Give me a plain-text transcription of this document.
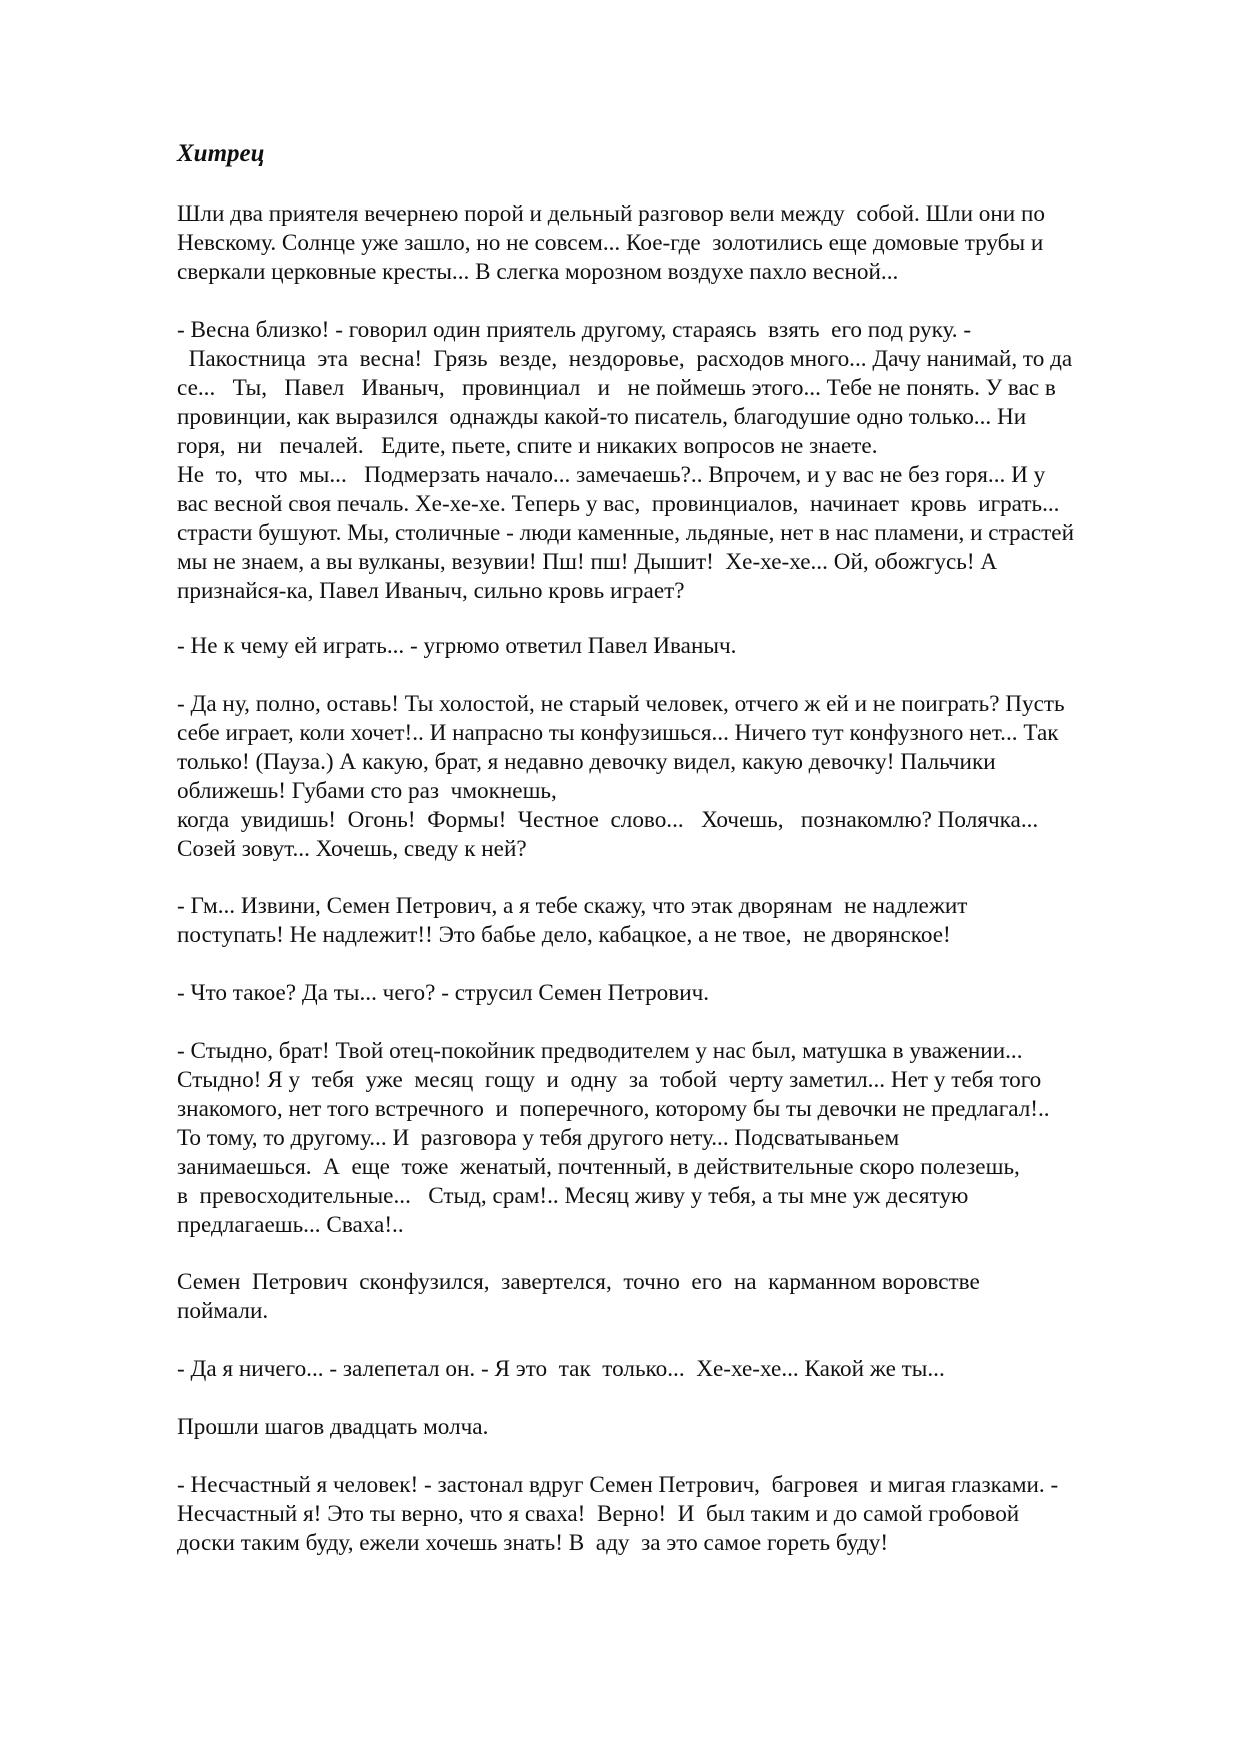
Хитрец
Шли два приятеля вечернею порой и дельный разговор вели между  собой. Шли они по
Невскому. Солнце уже зашло, но не совсем... Кое-где  золотились еще домовые трубы и
сверкали церковные кресты... В слегка морозном воздухе пахло весной...
- Весна близко! - говорил один приятель другому, стараясь  взять  его под руку. -
Пакостница  эта  весна!  Грязь  везде,  нездоровье,  расходов много... Дачу нанимай, то да
се...   Ты,   Павел   Иваныч,   провинциал   и   не поймешь этого... Тебе не понять. У вас в
провинции, как выразился  однажды какой-то писатель, благодушие одно только... Ни
горя,  ни   печалей.   Едите, пьете, спите и никаких вопросов не знаете.
Не  то,  что  мы...   Подмерзать начало... замечаешь?.. Впрочем, и у вас не без горя... И у
вас весной своя печаль. Хе-хе-хе. Теперь у вас,  провинциалов,  начинает  кровь  играть...
страсти бушуют. Мы, столичные - люди каменные, льдяные, нет в нас пламени, и страстей
мы не знаем, а вы вулканы, везувии! Пш! пш! Дышит!  Хе-хе-хе... Ой, обожгусь! А
признайся-ка, Павел Иваныч, сильно кровь играет?
- Не к чему ей играть... - угрюмо ответил Павел Иваныч.
- Да ну, полно, оставь! Ты холостой, не старый человек, отчего ж ей и не поиграть? Пусть
себе играет, коли хочет!.. И напрасно ты конфузишься... Ничего тут конфузного нет... Так
только! (Пауза.) А какую, брат, я недавно девочку видел, какую девочку! Пальчики
оближешь! Губами сто раз  чмокнешь,
когда  увидишь!  Огонь!  Формы!  Честное  слово...   Хочешь,   познакомлю? Полячка...
Созей зовут... Хочешь, сведу к ней?
- Гм... Извини, Семен Петрович, а я тебе скажу, что этак дворянам  не надлежит
поступать! Не надлежит!! Это бабье дело, кабацкое, а не твое,  не дворянское!
- Что такое? Да ты... чего? - струсил Семен Петрович.
- Стыдно, брат! Твой отец-покойник предводителем у нас был, матушка в уважении...
Стыдно! Я у  тебя  уже  месяц  гощу  и  одну  за  тобой  черту заметил... Нет у тебя того
знакомого, нет того встречного  и  поперечного, которому бы ты девочки не предлагал!..
То тому, то другому... И  разговора у тебя другого нету... Подсватываньем
занимаешься.  А  еще  тоже  женатый, почтенный, в действительные скоро полезешь,
в  превосходительные...   Стыд, срам!.. Месяц живу у тебя, а ты мне уж десятую
предлагаешь... Сваха!..
Семен  Петрович  сконфузился,  завертелся,  точно  его  на  карманном воровстве
поймали.
- Да я ничего... - залепетал он. - Я это  так  только...  Хе-хе-хе... Какой же ты...
Прошли шагов двадцать молча.
- Несчастный я человек! - застонал вдруг Семен Петрович,  багровея  и мигая глазками. -
Несчастный я! Это ты верно, что я сваха!  Верно!  И  был таким и до самой гробовой
доски таким буду, ежели хочешь знать! В  аду  за это самое гореть буду!
